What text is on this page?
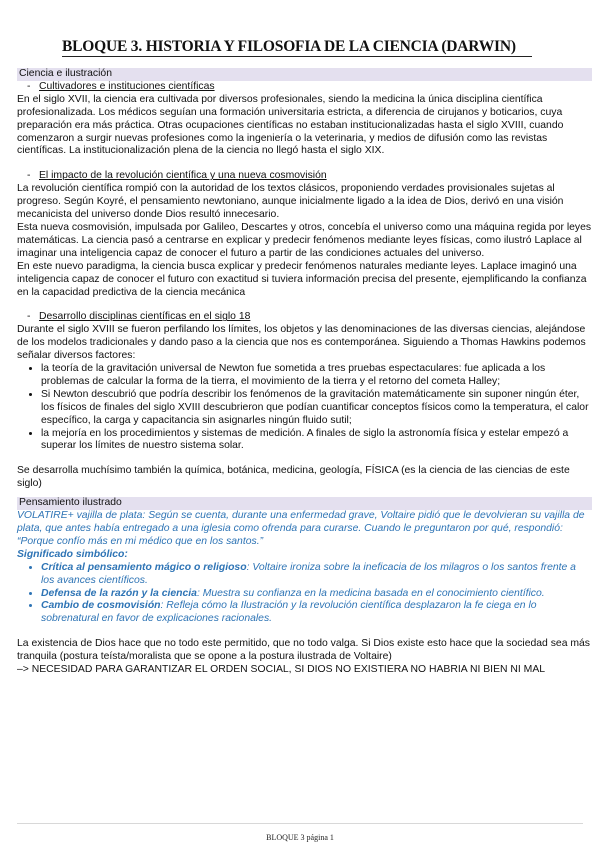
BLOQUE 3. HISTORIA Y FILOSOFIA DE LA CIENCIA (DARWIN)
Ciencia e ilustración
- Cultivadores e instituciones científicas

En el siglo XVII, la ciencia era cultivada por diversos profesionales, siendo la medicina la única disciplina científica profesionalizada. Los médicos seguían una formación universitaria estricta, a diferencia de cirujanos y boticarios, cuya preparación era más práctica. Otras ocupaciones científicas no estaban institucionalizadas hasta el siglo XVIII, cuando comenzaron a surgir nuevas profesiones como la ingeniería o la veterinaria, y medios de difusión como las revistas científicas. La institucionalización plena de la ciencia no llegó hasta el siglo XIX.

- El impacto de la revolución científica y una nueva cosmovisión

La revolución científica rompió con la autoridad de los textos clásicos, proponiendo verdades provisionales sujetas al progreso. Según Koyré, el pensamiento newtoniano, aunque inicialmente ligado a la idea de Dios, derivó en una visión mecanicista del universo donde Dios resultó innecesario.

Esta nueva cosmovisión, impulsada por Galileo, Descartes y otros, concebía el universo como una máquina regida por leyes matemáticas. La ciencia pasó a centrarse en explicar y predecir fenómenos mediante leyes físicas, como ilustró Laplace al imaginar una inteligencia capaz de conocer el futuro a partir de las condiciones actuales del universo.

En este nuevo paradigma, la ciencia busca explicar y predecir fenómenos naturales mediante leyes. Laplace imaginó una inteligencia capaz de conocer el futuro con exactitud si tuviera información precisa del presente, ejemplificando la confianza en la capacidad predictiva de la ciencia mecánica

- Desarrollo disciplinas científicas en el siglo 18

Durante el siglo XVIII se fueron perfilando los límites, los objetos y las denominaciones de las diversas ciencias, alejándose de los modelos tradicionales y dando paso a la ciencia que nos es contemporánea. Siguiendo a Thomas Hawkins podemos señalar diversos factores:

• la teoría de la gravitación universal de Newton fue sometida a tres pruebas espectaculares: fue aplicada a los problemas de calcular la forma de la tierra, el movimiento de la tierra y el retorno del cometa Halley;
• Si Newton descubrió que podría describir los fenómenos de la gravitación matemáticamente sin suponer ningún éter, los físicos de finales del siglo XVIII descubrieron que podían cuantificar conceptos físicos como la temperatura, el calor específico, la carga y capacitancia sin asignarles ningún fluido sutil;
• la mejoría en los procedimientos y sistemas de medición. A finales de siglo la astronomía física y estelar empezó a superar los límites de nuestro sistema solar.

Se desarrolla muchísimo también la química, botánica, medicina, geología, FÍSICA (es la ciencia de las ciencias de este siglo)

Pensamiento ilustrado

VOLATIRE+ vajilla de plata: Según se cuenta, durante una enfermedad grave, Voltaire pidió que le devolvieran su vajilla de plata, que antes había entregado a una iglesia como ofrenda para curarse. Cuando le preguntaron por qué, respondió: “Porque confío más en mi médico que en los santos.”

Significado simbólico:

• Crítica al pensamiento mágico o religioso: Voltaire ironiza sobre la ineficacia de los milagros o los santos frente a los avances científicos.
• Defensa de la razón y la ciencia: Muestra su confianza en la medicina basada en el conocimiento científico.
• Cambio de cosmovisión: Refleja cómo la Ilustración y la revolución científica desplazaron la fe ciega en lo sobrenatural en favor de explicaciones racionales.

La existencia de Dios hace que no todo este permitido, que no todo valga. Si Dios existe esto hace que la sociedad sea más tranquila (postura teísta/moralista que se opone a la postura ilustrada de Voltaire)

–> NECESIDAD PARA GARANTIZAR EL ORDEN SOCIAL, SI DIOS NO EXISTIERA NO HABRIA NI BIEN NI MAL

BLOQUE 3 página 1
